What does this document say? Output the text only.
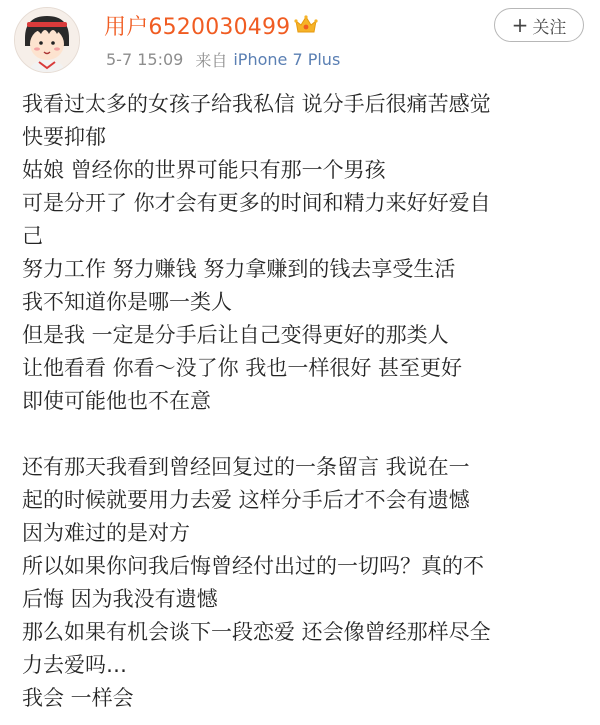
用户6520030499
5-7 15:09 来自 iPhone 7 Plus
+ 关注
我看过太多的女孩子给我私信 说分手后很痛苦感觉
快要抑郁
姑娘 曾经你的世界可能只有那一个男孩
可是分开了 你才会有更多的时间和精力来好好爱自
己
努力工作 努力赚钱 努力拿赚到的钱去享受生活
我不知道你是哪一类人
但是我 一定是分手后让自己变得更好的那类人
让他看看 你看～没了你 我也一样很好 甚至更好
即使可能他也不在意
还有那天我看到曾经回复过的一条留言 我说在一
起的时候就要用力去爱 这样分手后才不会有遗憾
因为难过的是对方
所以如果你问我后悔曾经付出过的一切吗？真的不
后悔 因为我没有遗憾
那么如果有机会谈下一段恋爱 还会像曾经那样尽全
力去爱吗…
我会 一样会
